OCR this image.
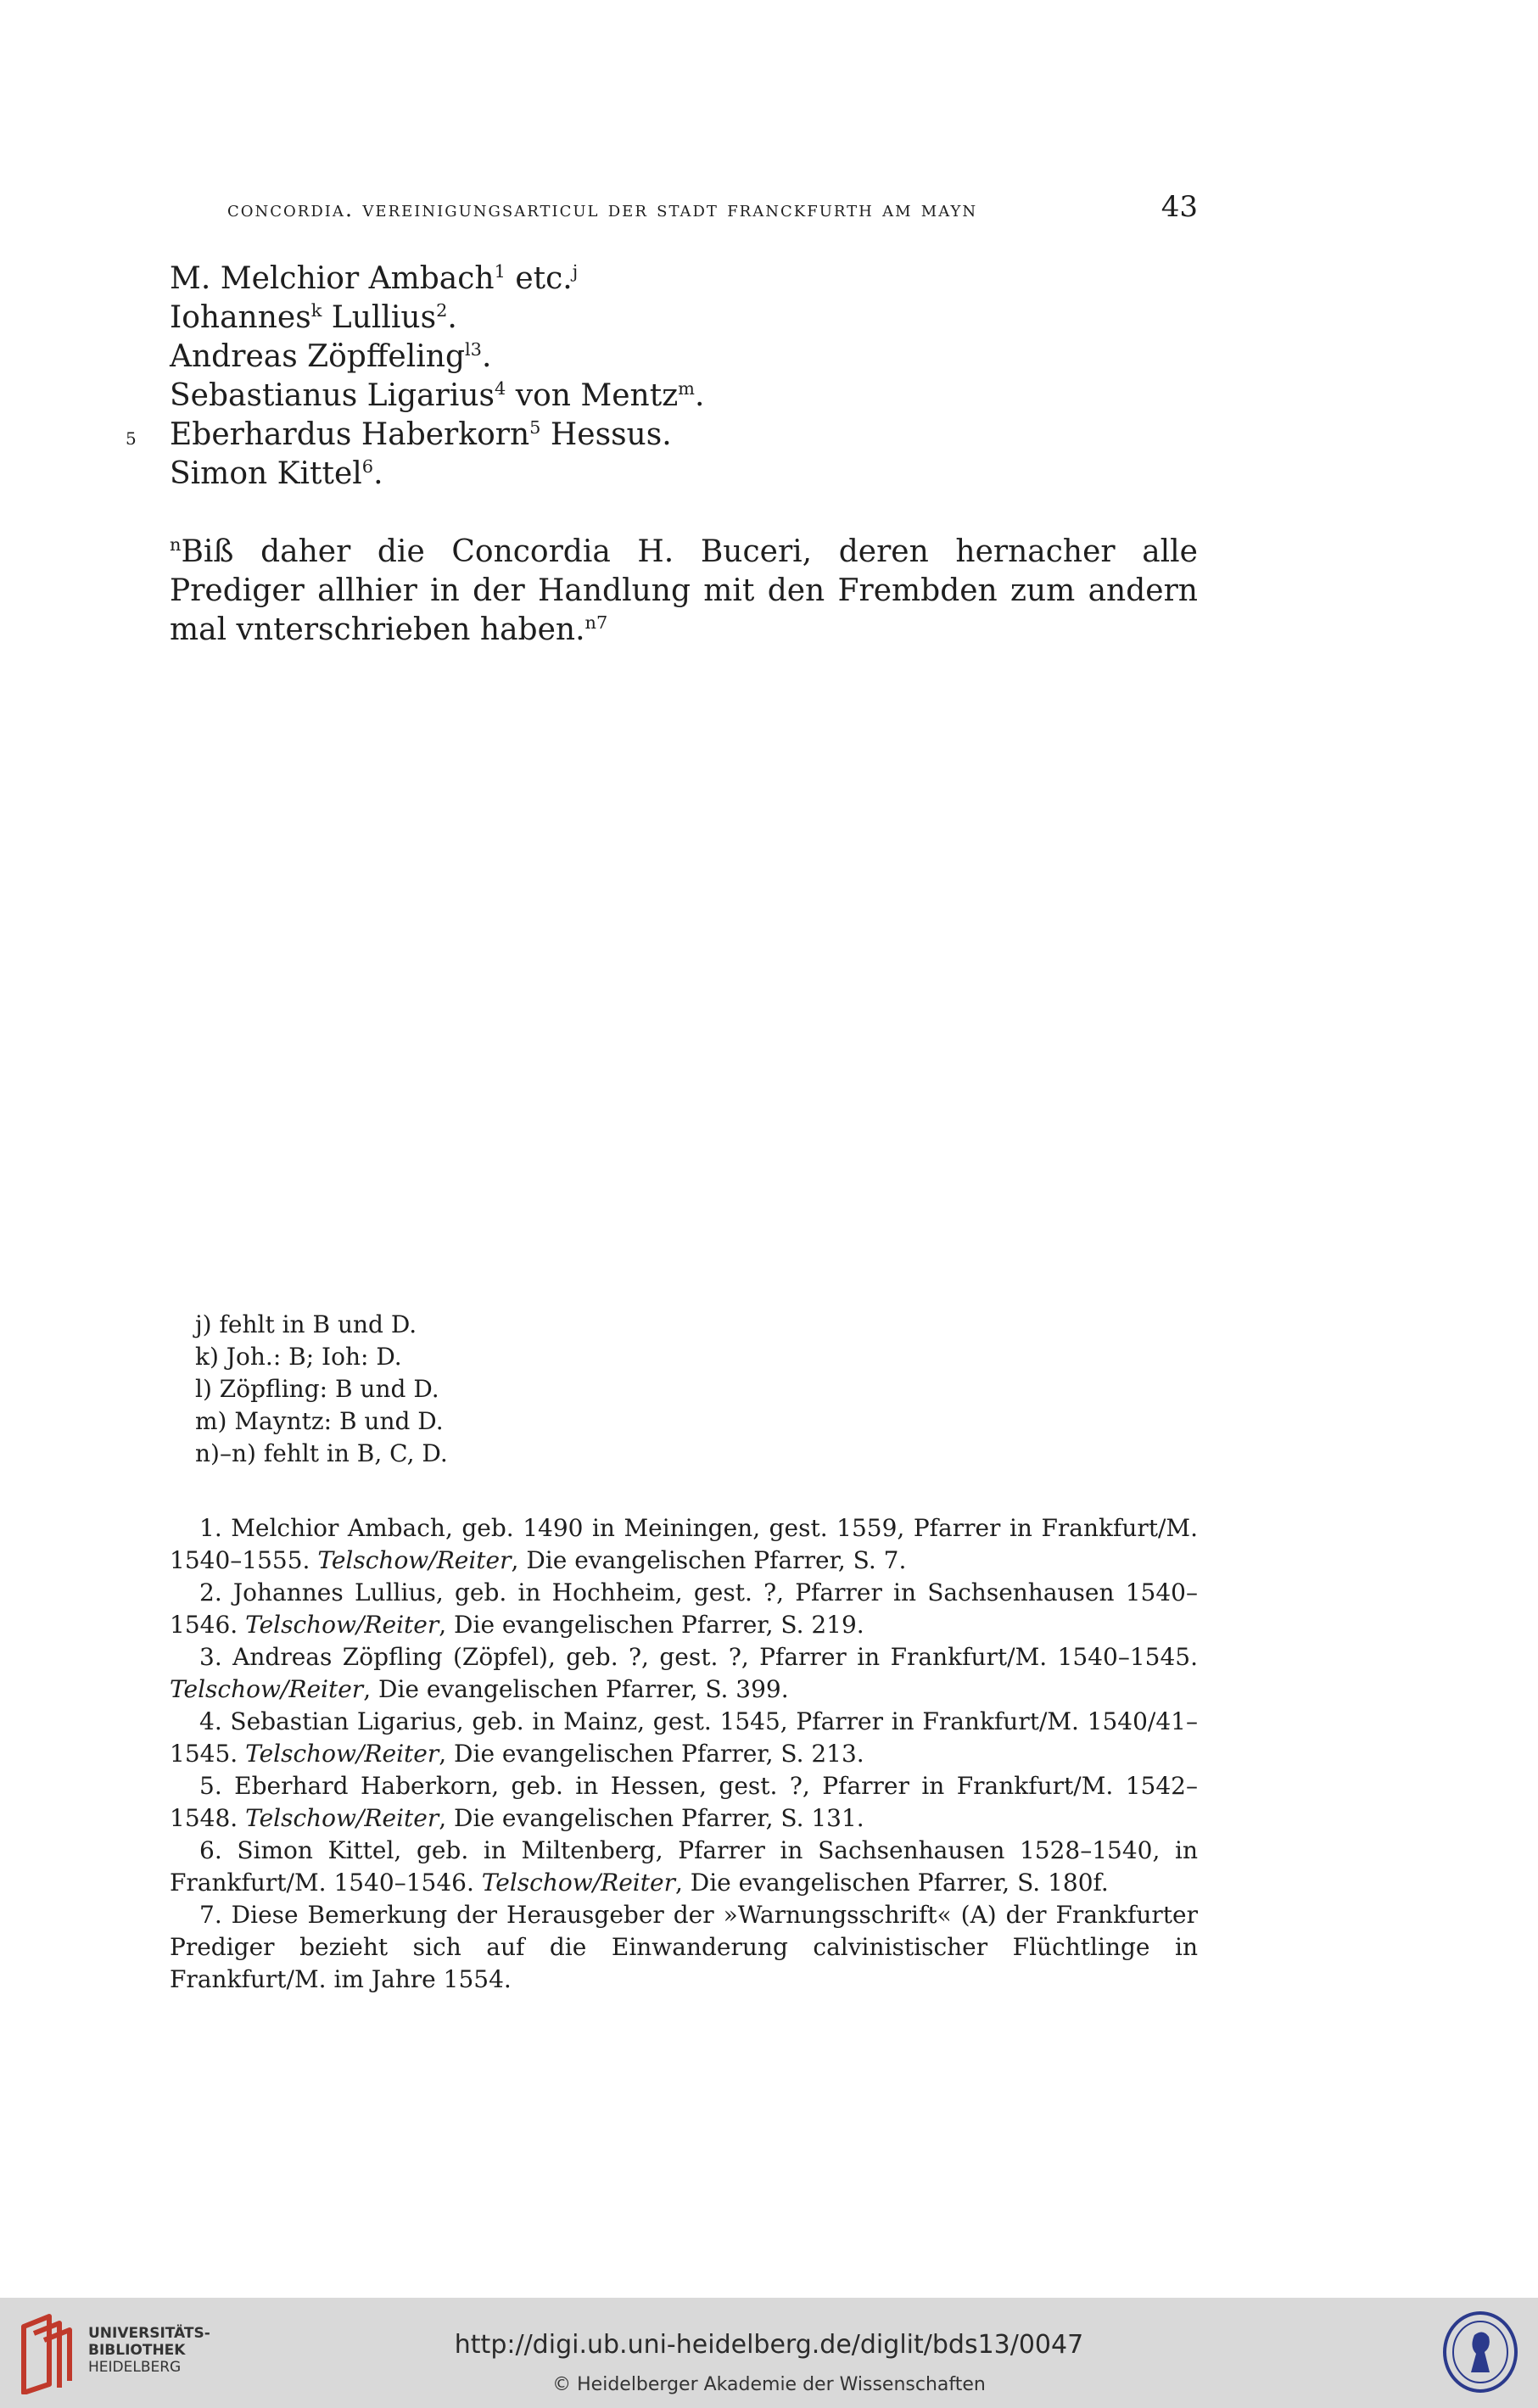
concordia. vereinigungsarticul der stadt franckfurth am mayn	43
M. Melchior Ambach$^1$ etc.$^j$
Iohannes$^k$ Lullius$^2$.
Andreas Zöpffeling$^{l3}$.
Sebastianus Ligarius$^4$ von Mentz$^m$.
5 Eberhardus Haberkorn$^5$ Hessus.
Simon Kittel$^6$.
$^n$Biß daher die Concordia H. Buceri, deren hernacher alle Prediger allhier in der Handlung mit den Frembden zum andern mal vnterschrieben haben.$^{n7}$
j) fehlt in B und D.
k) Joh.: B; Ioh: D.
l) Zöpfling: B und D.
m) Mayntz: B und D.
n)–n) fehlt in B, C, D.
1. Melchior Ambach, geb. 1490 in Meiningen, gest. 1559, Pfarrer in Frankfurt/M. 1540–1555. Telschow/Reiter, Die evangelischen Pfarrer, S. 7.
2. Johannes Lullius, geb. in Hochheim, gest. ?, Pfarrer in Sachsenhausen 1540–1546. Telschow/Reiter, Die evangelischen Pfarrer, S. 219.
3. Andreas Zöpfling (Zöpfel), geb. ?, gest. ?, Pfarrer in Frankfurt/M. 1540–1545. Telschow/Reiter, Die evangelischen Pfarrer, S. 399.
4. Sebastian Ligarius, geb. in Mainz, gest. 1545, Pfarrer in Frankfurt/M. 1540/41–1545. Telschow/Reiter, Die evangelischen Pfarrer, S. 213.
5. Eberhard Haberkorn, geb. in Hessen, gest. ?, Pfarrer in Frankfurt/M. 1542–1548. Telschow/Reiter, Die evangelischen Pfarrer, S. 131.
6. Simon Kittel, geb. in Miltenberg, Pfarrer in Sachsenhausen 1528–1540, in Frankfurt/M. 1540–1546. Telschow/Reiter, Die evangelischen Pfarrer, S. 180f.
7. Diese Bemerkung der Herausgeber der »Warnungsschrift« (A) der Frankfurter Prediger bezieht sich auf die Einwanderung calvinistischer Flüchtlinge in Frankfurt/M. im Jahre 1554.
UNIVERSITÄTS-
BIBLIOTHEK
HEIDELBERG
http://digi.ub.uni-heidelberg.de/diglit/bds13/0047
© Heidelberger Akademie der Wissenschaften
